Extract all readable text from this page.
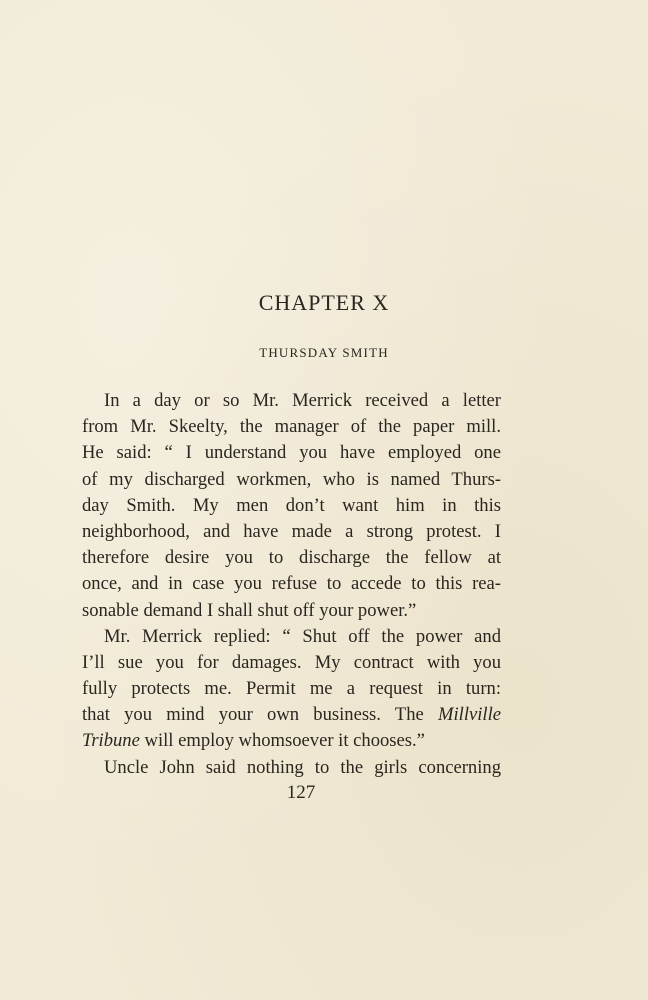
CHAPTER X
THURSDAY SMITH
In a day or so Mr. Merrick received a letter
from Mr. Skeelty, the manager of the paper mill.
He said: “ I understand you have employed one
of my discharged workmen, who is named Thurs-
day Smith. My men don’t want him in this
neighborhood, and have made a strong protest. I
therefore desire you to discharge the fellow at
once, and in case you refuse to accede to this rea-
sonable demand I shall shut off your power.”
Mr. Merrick replied: “ Shut off the power and
I’ll sue you for damages. My contract with you
fully protects me. Permit me a request in turn:
that you mind your own business. The Millville
Tribune will employ whomsoever it chooses.”
Uncle John said nothing to the girls concerning
127
